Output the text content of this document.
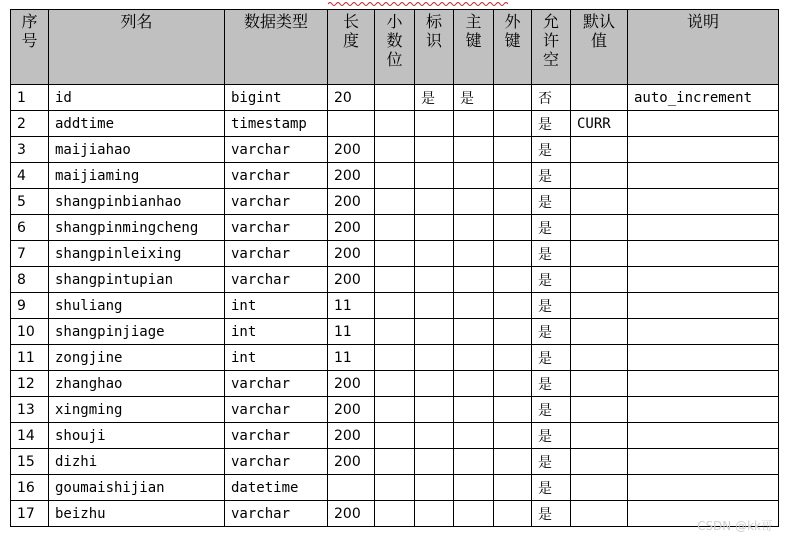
序号	列名	数据类型	长度	小数位	标识	主键	外键	允许空	默认值	说明
1	id	bigint	20		是	是		否		auto_increment
2	addtime	timestamp						是	CURR	
3	maijiahao	varchar	200					是		
4	maijiaming	varchar	200					是		
5	shangpinbianhao	varchar	200					是		
6	shangpinmingcheng	varchar	200					是		
7	shangpinleixing	varchar	200					是		
8	shangpintupian	varchar	200					是		
9	shuliang	int	11					是		
10	shangpinjiage	int	11					是		
11	zongjine	int	11					是		
12	zhanghao	varchar	200					是		
13	xingming	varchar	200					是		
14	shouji	varchar	200					是		
15	dizhi	varchar	200					是		
16	goumaishijian	datetime						是		
17	beizhu	varchar	200					是		
CSDN @kk哥
